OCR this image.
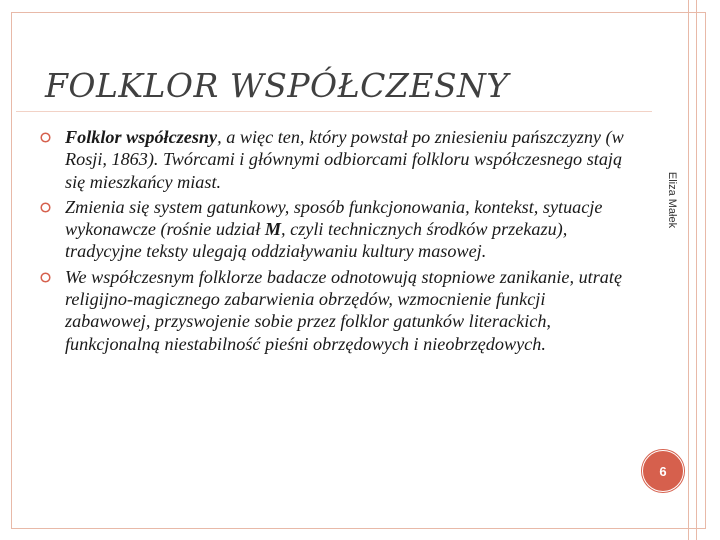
FOLKLOR WSPÓŁCZESNY
Folklor współczesny, a więc ten, który powstał po zniesieniu pańszczyzny (w Rosji, 1863). Twórcami i głównymi odbiorcami folkloru współczesnego stają się mieszkańcy miast.
Zmienia się system gatunkowy, sposób funkcjonowania, kontekst, sytuacje wykonawcze (rośnie udział M, czyli technicznych środków przekazu), tradycyjne teksty ulegają oddziaływaniu kultury masowej.
We współczesnym folklorze badacze odnotowują stopniowe zanikanie, utratę religijno-magicznego zabarwienia obrzędów, wzmocnienie funkcji zabawowej, przyswojenie sobie przez folklor gatunków literackich, funkcjonalną niestabilność pieśni obrzędowych i nieobrzędowych.
Eliza Małek
6
